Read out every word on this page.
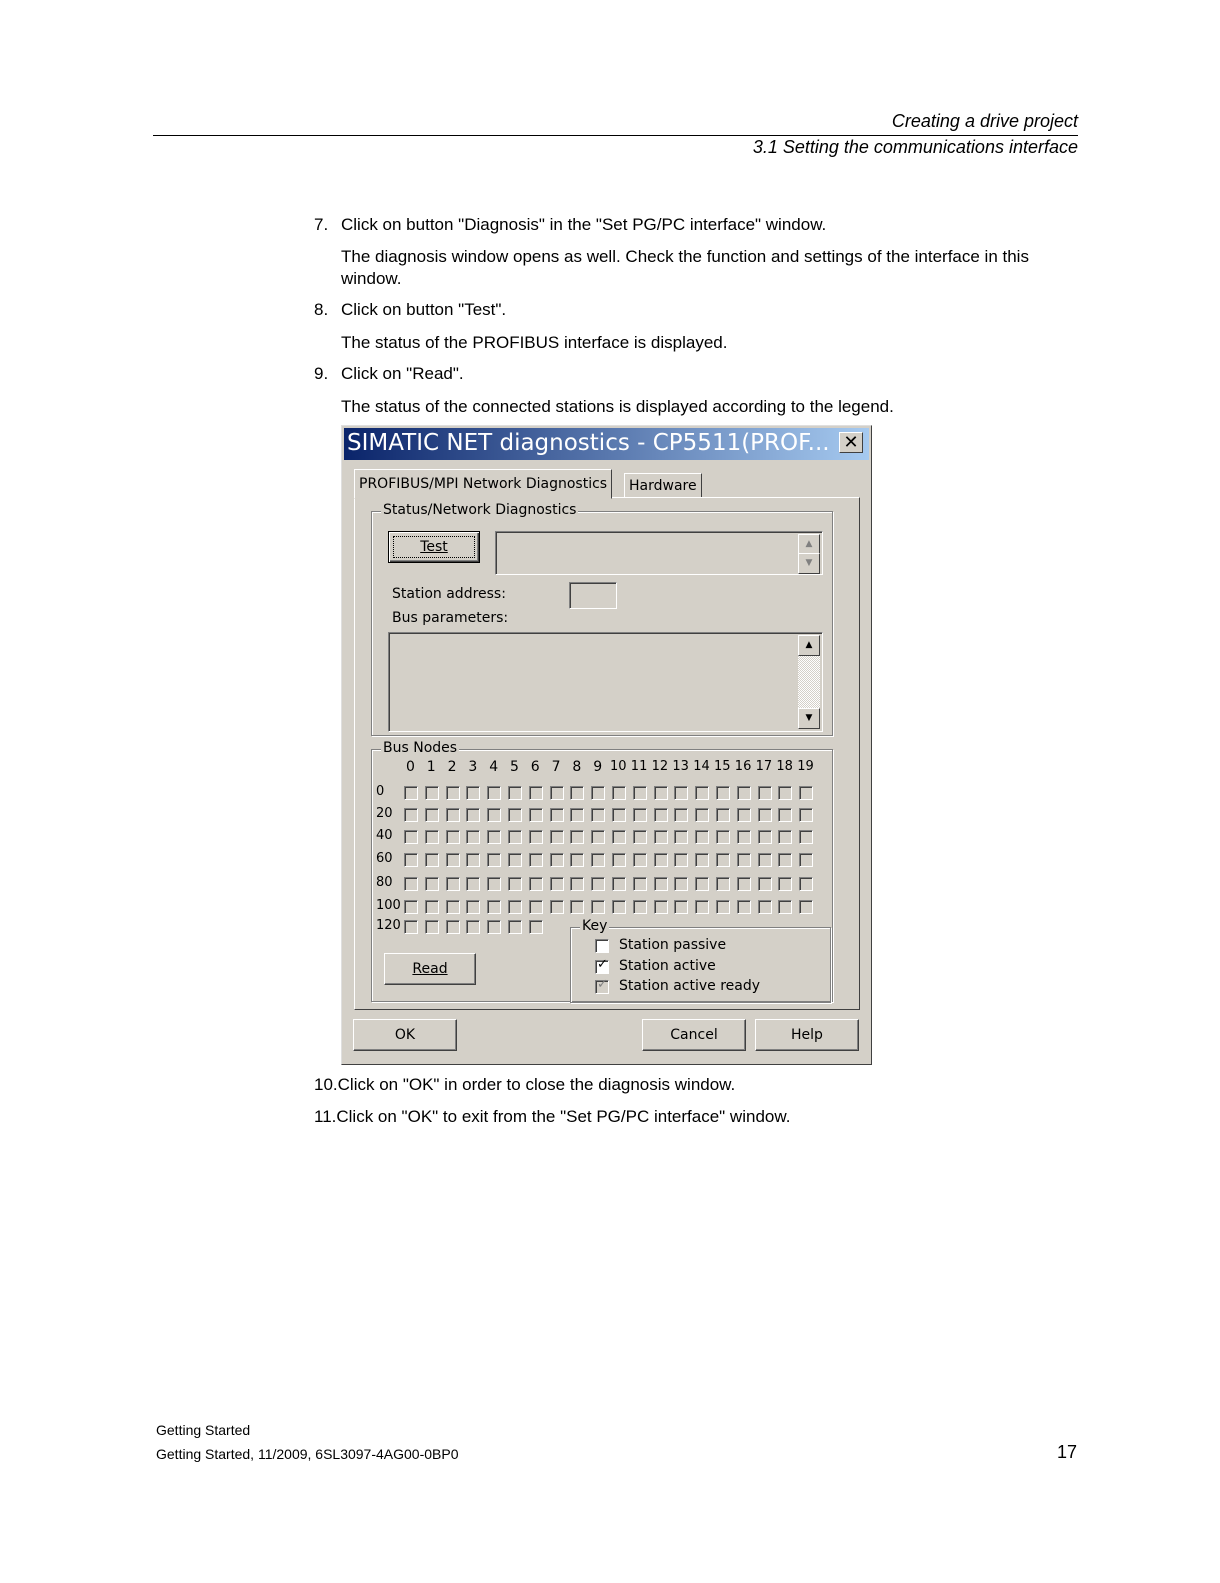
Creating a drive project
3.1 Setting the communications interface
7. Click on button "Diagnosis" in the "Set PG/PC interface" window.
The diagnosis window opens as well. Check the function and settings of the interface in this window.
8. Click on button "Test".
The status of the PROFIBUS interface is displayed.
9. Click on "Read".
The status of the connected stations is displayed according to the legend.
SIMATIC NET diagnostics - CP5511(PROF... ✕
PROFIBUS/MPI Network Diagnostics	Hardware
Status/Network Diagnostics
Test	▲
▼
Station address:
Bus parameters:
▲
▼
Bus Nodes
0 1 2 3 4 5 6 7 8 9 10 11 12 13 14 15 16 17 18 19
0
20
40
60
80
100
120
Read
Key
Station passive
✓ Station active
✓ Station active ready
OK	Cancel	Help
10.Click on "OK" in order to close the diagnosis window.
11.Click on "OK" to exit from the "Set PG/PC interface" window.
Getting Started
Getting Started, 11/2009, 6SL3097-4AG00-0BP0	17
